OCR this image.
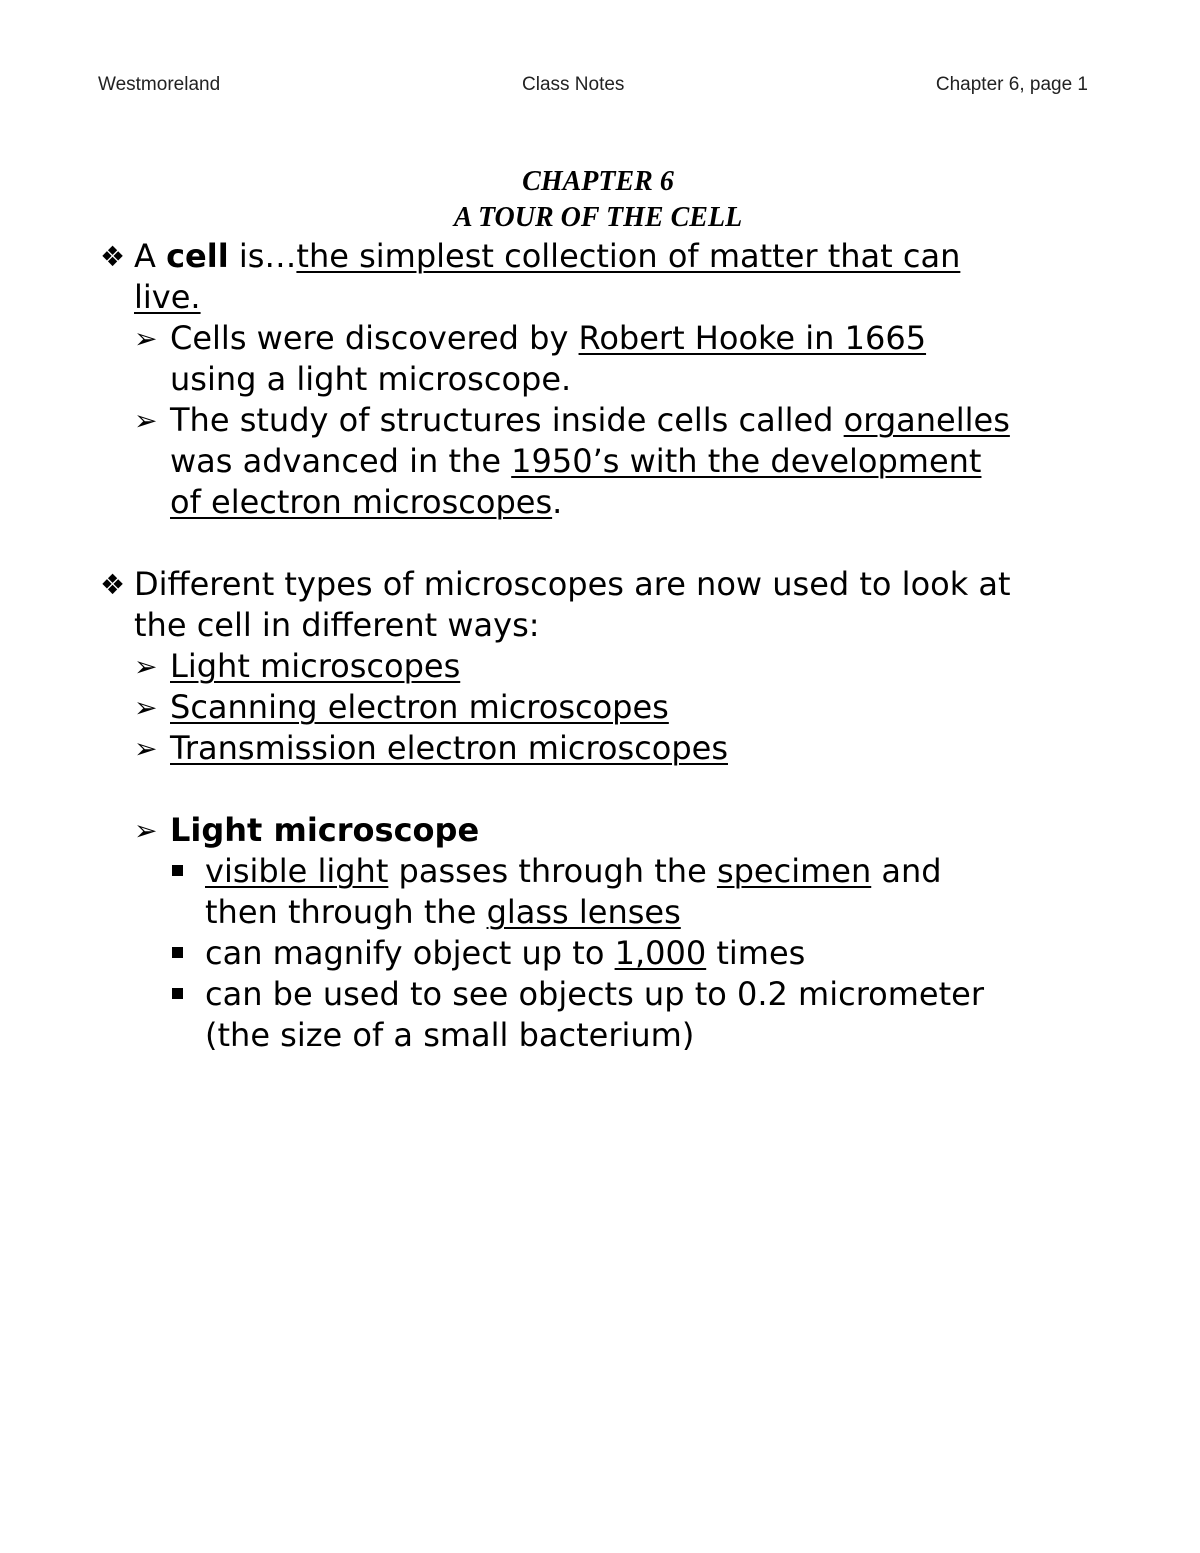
Westmoreland	Class Notes	Chapter 6, page 1
CHAPTER 6
A TOUR OF THE CELL
❖ A cell is…the simplest collection of matter that can
live.
➢ Cells were discovered by Robert Hooke in 1665
using a light microscope.
➢ The study of structures inside cells called organelles
was advanced in the 1950’s with the development
of electron microscopes.
❖ Different types of microscopes are now used to look at
the cell in different ways:
➢ Light microscopes
➢ Scanning electron microscopes
➢ Transmission electron microscopes
➢ Light microscope
visible light passes through the specimen and
then through the glass lenses
can magnify object up to 1,000 times
can be used to see objects up to 0.2 micrometer
(the size of a small bacterium)
